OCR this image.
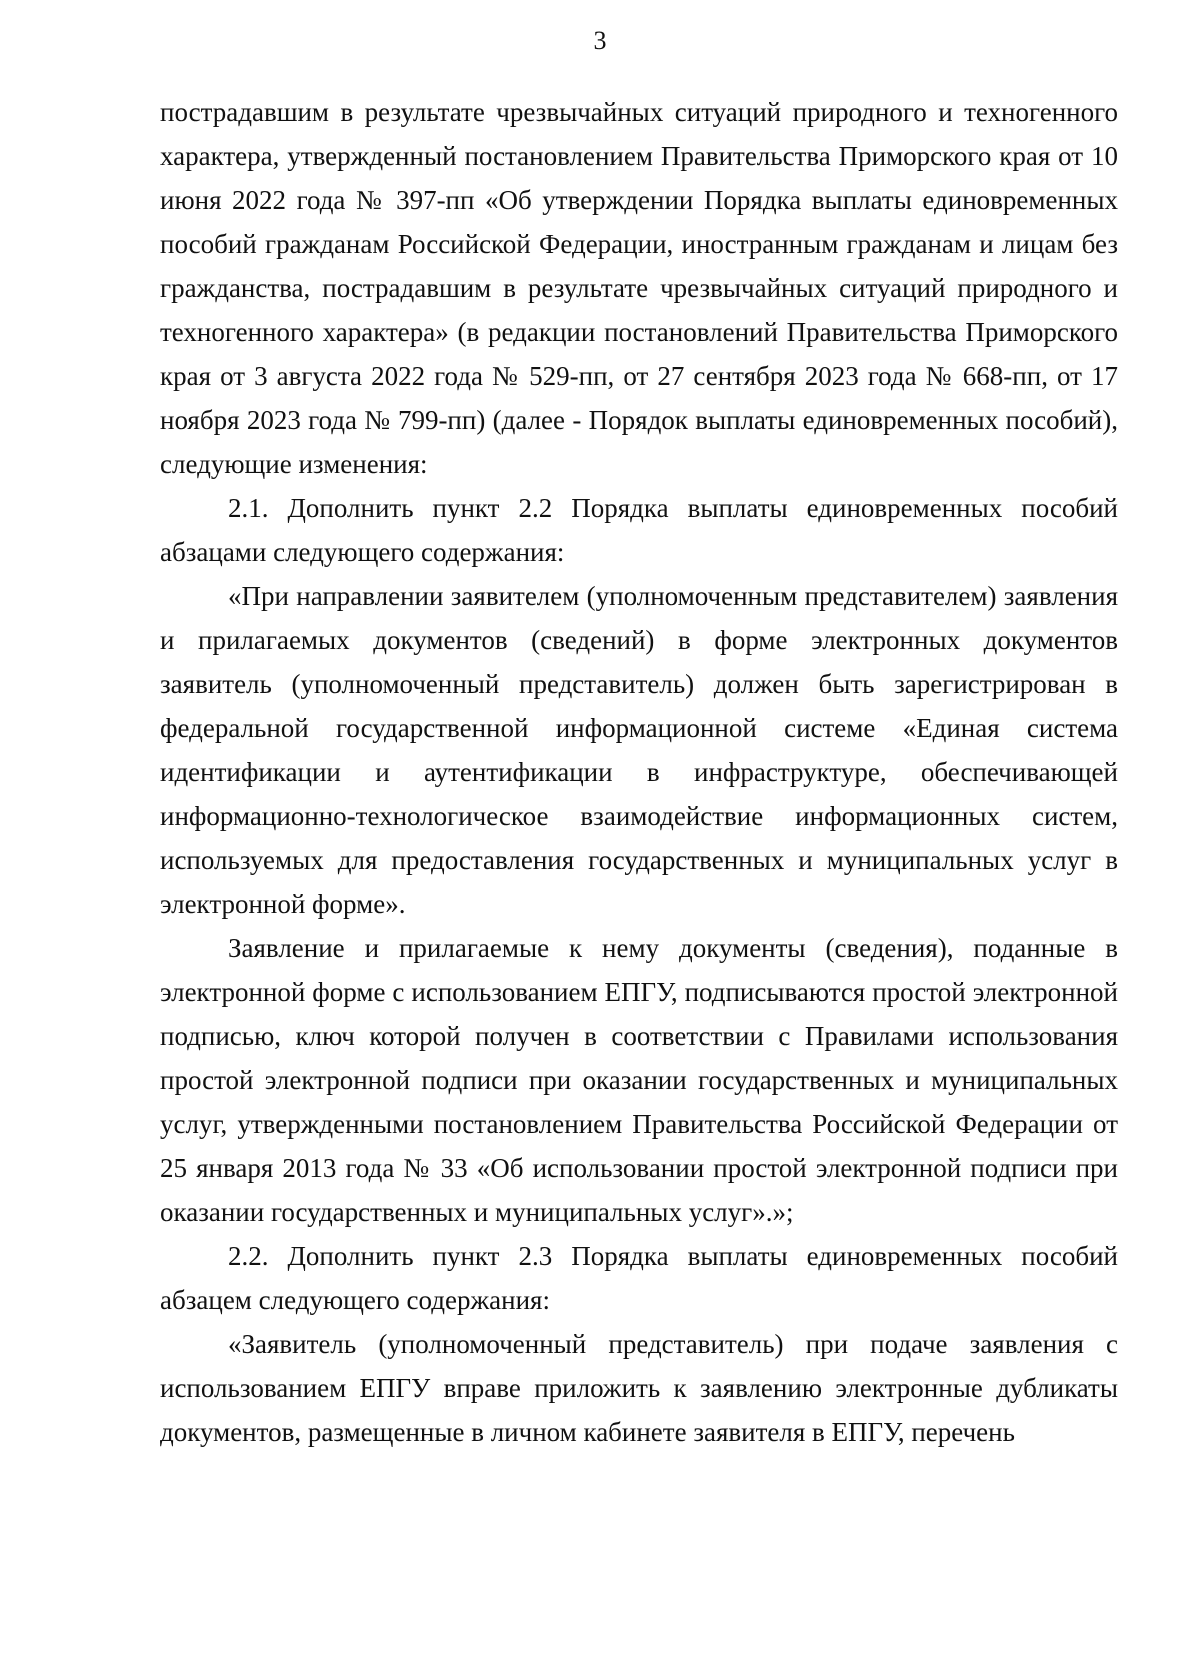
3

пострадавшим в результате чрезвычайных ситуаций природного и техногенного характера, утвержденный постановлением Правительства Приморского края от 10 июня 2022 года № 397-пп «Об утверждении Порядка выплаты единовременных пособий гражданам Российской Федерации, иностранным гражданам и лицам без гражданства, пострадавшим в результате чрезвычайных ситуаций природного и техногенного характера» (в редакции постановлений Правительства Приморского края от 3 августа 2022 года № 529-пп, от 27 сентября 2023 года № 668-пп, от 17 ноября 2023 года № 799-пп) (далее - Порядок выплаты единовременных пособий), следующие изменения:

2.1. Дополнить пункт 2.2 Порядка выплаты единовременных пособий абзацами следующего содержания:

«При направлении заявителем (уполномоченным представителем) заявления и прилагаемых документов (сведений) в форме электронных документов заявитель (уполномоченный представитель) должен быть зарегистрирован в федеральной государственной информационной системе «Единая система идентификации и аутентификации в инфраструктуре, обеспечивающей информационно-технологическое взаимодействие информационных систем, используемых для предоставления государственных и муниципальных услуг в электронной форме».

Заявление и прилагаемые к нему документы (сведения), поданные в электронной форме с использованием ЕПГУ, подписываются простой электронной подписью, ключ которой получен в соответствии с Правилами использования простой электронной подписи при оказании государственных и муниципальных услуг, утвержденными постановлением Правительства Российской Федерации от 25 января 2013 года № 33 «Об использовании простой электронной подписи при оказании государственных и муниципальных услуг».»;

2.2. Дополнить пункт 2.3 Порядка выплаты единовременных пособий абзацем следующего содержания:

«Заявитель (уполномоченный представитель) при подаче заявления с использованием ЕПГУ вправе приложить к заявлению электронные дубликаты документов, размещенные в личном кабинете заявителя в ЕПГУ, перечень
